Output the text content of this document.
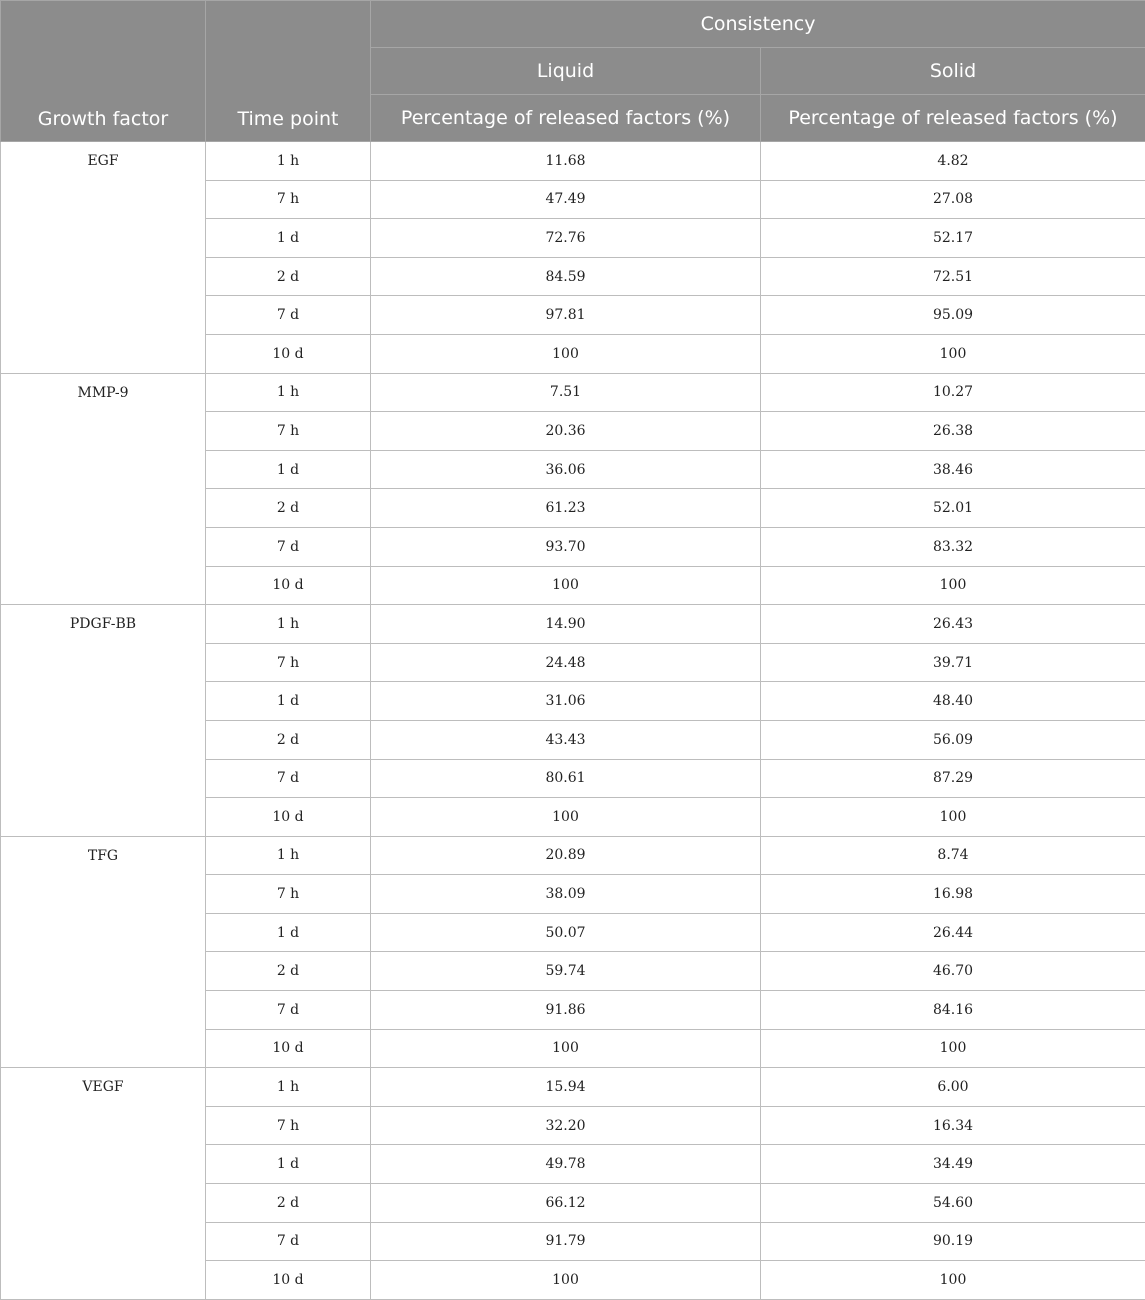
Growth factor	Time point	Consistency	
		Liquid	Solid
		Percentage of released factors (%)	Percentage of released factors (%)
EGF	1 h	11.68	4.82
	7 h	47.49	27.08
	1 d	72.76	52.17
	2 d	84.59	72.51
	7 d	97.81	95.09
	10 d	100	100
MMP-9	1 h	7.51	10.27
	7 h	20.36	26.38
	1 d	36.06	38.46
	2 d	61.23	52.01
	7 d	93.70	83.32
	10 d	100	100
PDGF-BB	1 h	14.90	26.43
	7 h	24.48	39.71
	1 d	31.06	48.40
	2 d	43.43	56.09
	7 d	80.61	87.29
	10 d	100	100
TFG	1 h	20.89	8.74
	7 h	38.09	16.98
	1 d	50.07	26.44
	2 d	59.74	46.70
	7 d	91.86	84.16
	10 d	100	100
VEGF	1 h	15.94	6.00
	7 h	32.20	16.34
	1 d	49.78	34.49
	2 d	66.12	54.60
	7 d	91.79	90.19
	10 d	100	100
